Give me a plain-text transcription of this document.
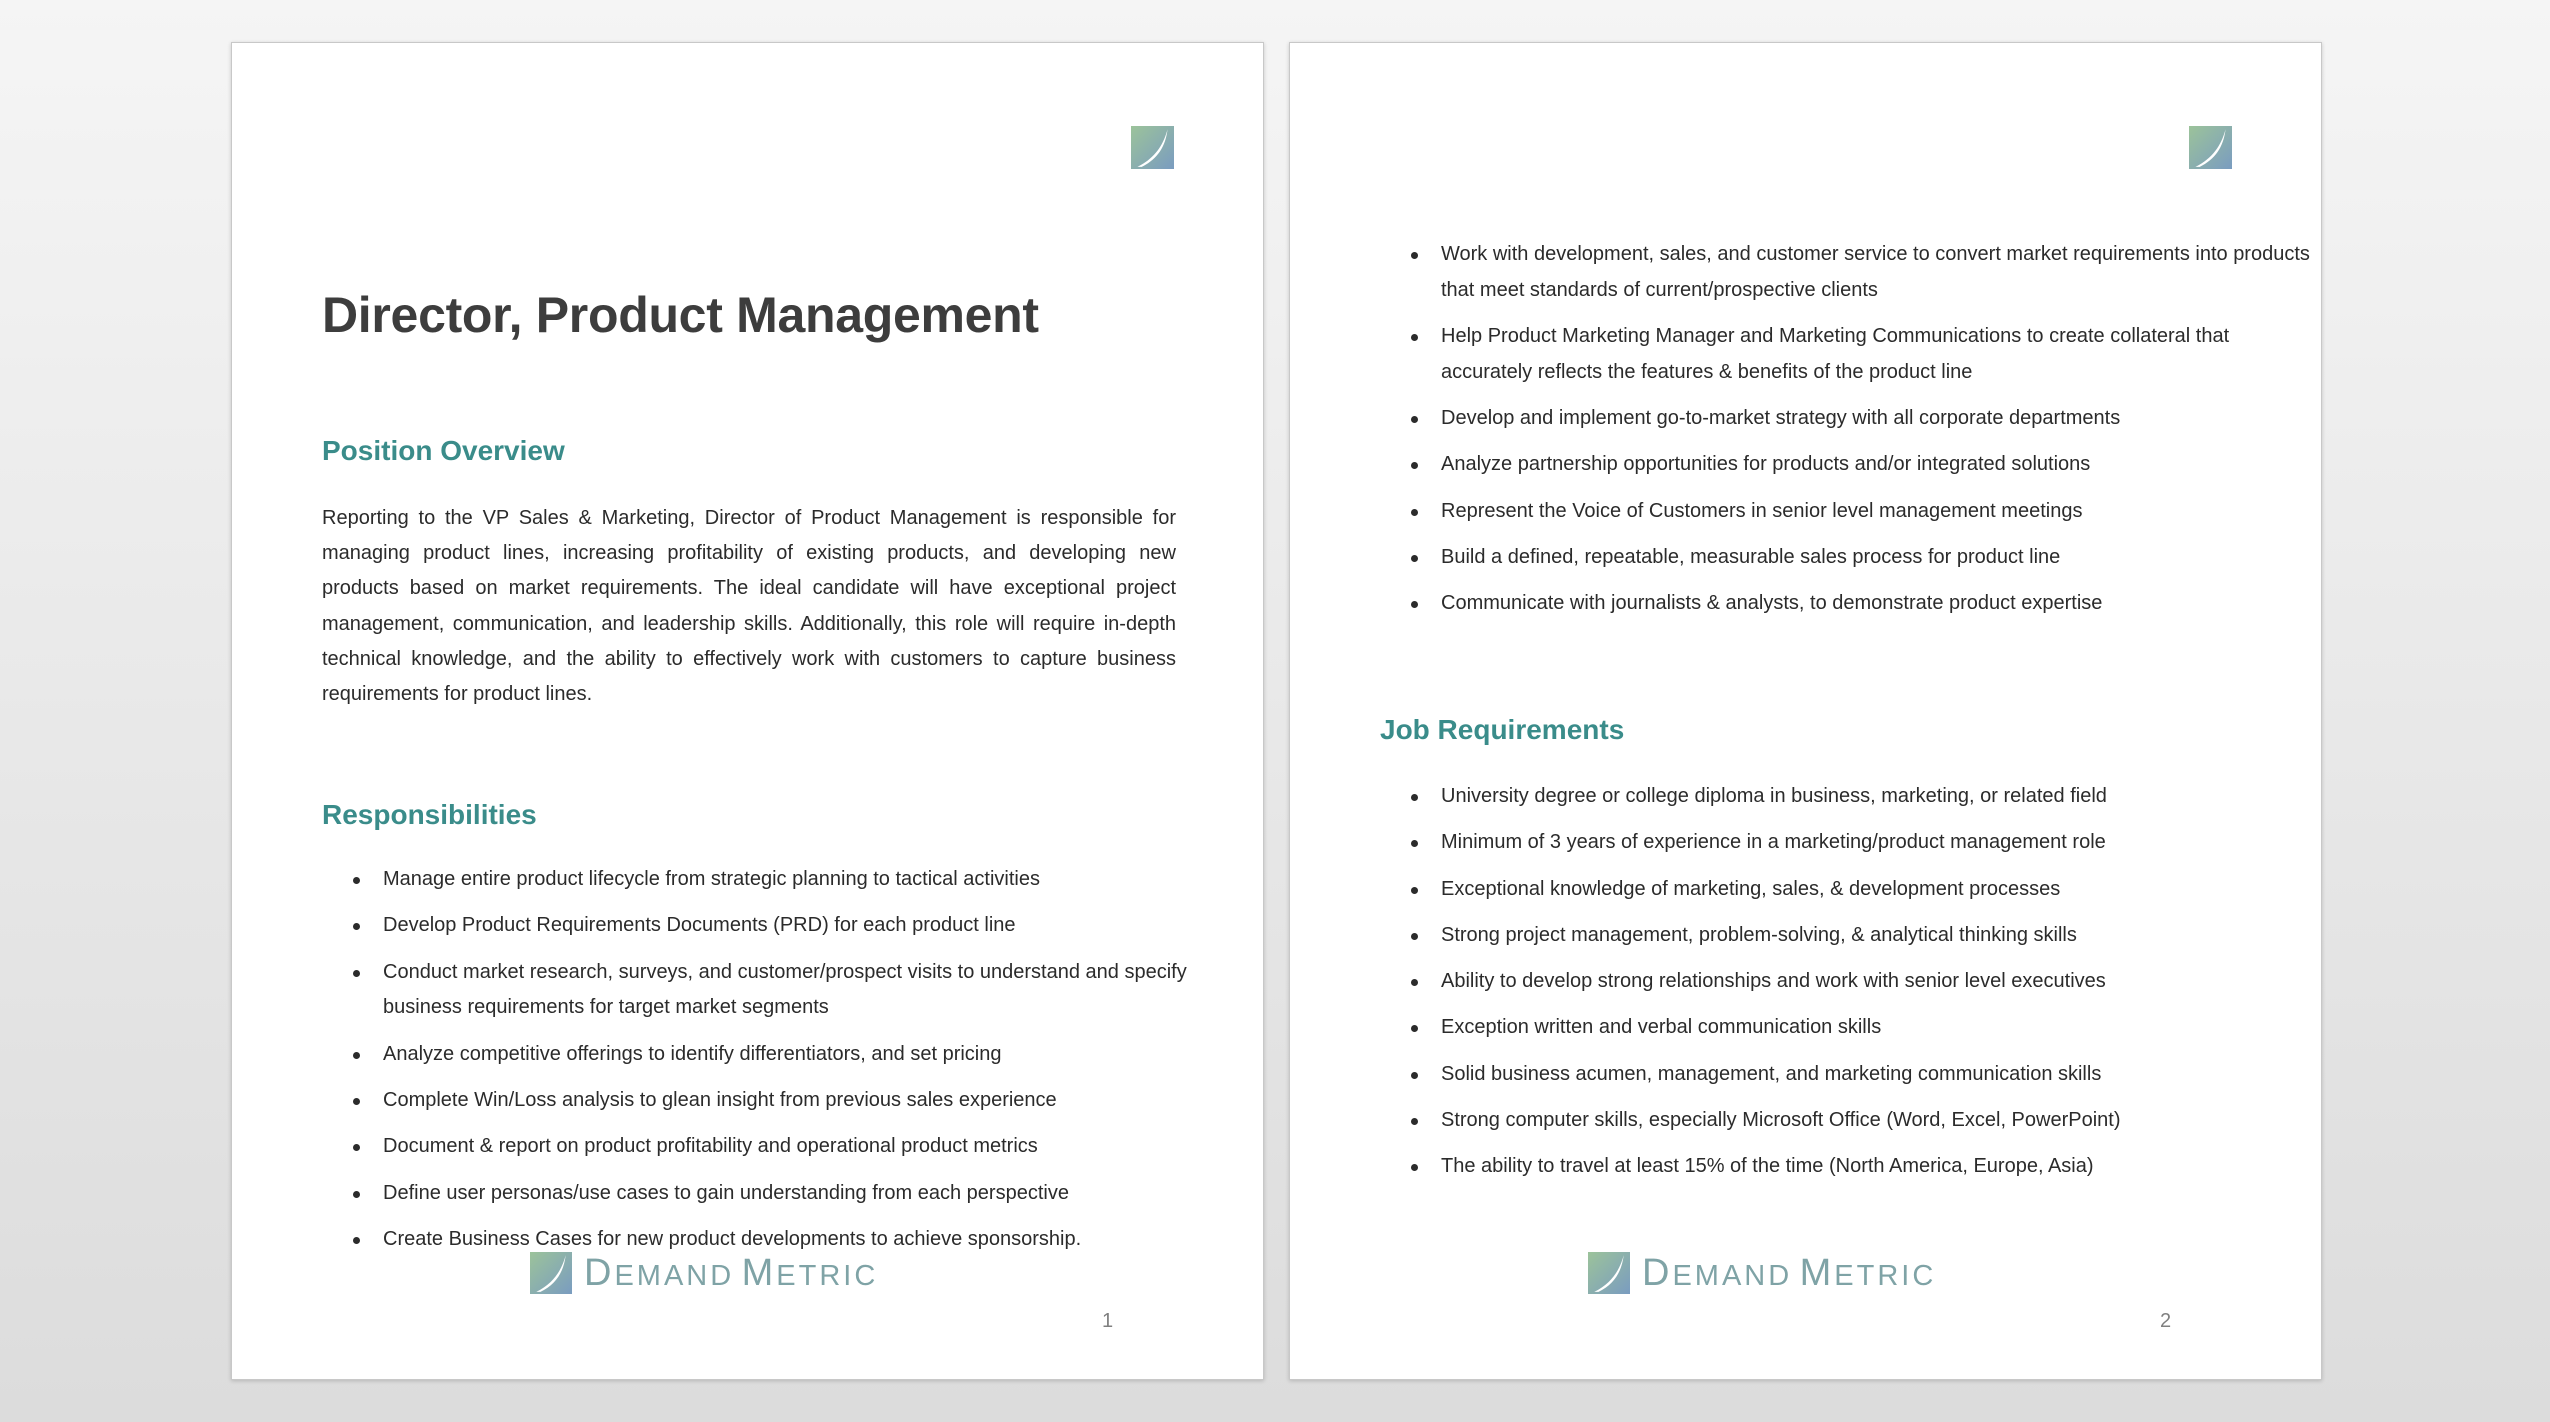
Director, Product Management
Position Overview

Reporting to the VP Sales & Marketing, Director of Product Management is responsible for managing product lines, increasing profitability of existing products, and developing new products based on market requirements. The ideal candidate will have exceptional project management, communication, and leadership skills. Additionally, this role will require in-depth technical knowledge, and the ability to effectively work with customers to capture business requirements for product lines.

Responsibilities
Manage entire product lifecycle from strategic planning to tactical activities
Develop Product Requirements Documents (PRD) for each product line
Conduct market research, surveys, and customer/prospect visits to understand and specify business requirements for target market segments
Analyze competitive offerings to identify differentiators, and set pricing
Complete Win/Loss analysis to glean insight from previous sales experience
Document & report on product profitability and operational product metrics
Define user personas/use cases to gain understanding from each perspective
Create Business Cases for new product developments to achieve sponsorship.
DEMAND METRIC
1
Work with development, sales, and customer service to convert market requirements into products that meet standards of current/prospective clients
Help Product Marketing Manager and Marketing Communications to create collateral that accurately reflects the features & benefits of the product line
Develop and implement go-to-market strategy with all corporate departments
Analyze partnership opportunities for products and/or integrated solutions
Represent the Voice of Customers in senior level management meetings
Build a defined, repeatable, measurable sales process for product line
Communicate with journalists & analysts, to demonstrate product expertise
Job Requirements
University degree or college diploma in business, marketing, or related field
Minimum of 3 years of experience in a marketing/product management role
Exceptional knowledge of marketing, sales, & development processes
Strong project management, problem-solving, & analytical thinking skills
Ability to develop strong relationships and work with senior level executives
Exception written and verbal communication skills
Solid business acumen, management, and marketing communication skills
Strong computer skills, especially Microsoft Office (Word, Excel, PowerPoint)
The ability to travel at least 15% of the time (North America, Europe, Asia)
DEMAND METRIC
2
